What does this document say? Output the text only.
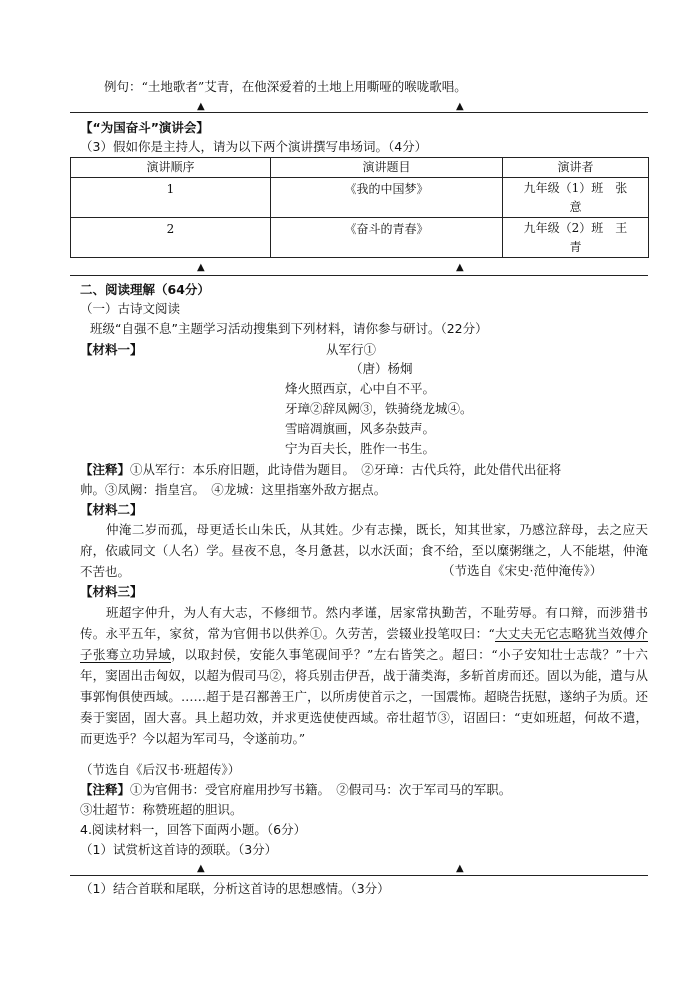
例句：“土地歌者”艾青，在他深爱着的土地上用嘶哑的喉咙歌唱。
▲	▲
【“为国奋斗”演讲会】
（3）假如你是主持人，请为以下两个演讲撰写串场词。（4分）
演讲顺序	演讲题目	演讲者
1	《我的中国梦》	九年级（1）班　张
意
2	《奋斗的青春》	九年级（2）班　王
青
▲	▲
二、阅读理解（64分）
（一）古诗文阅读
班级“自强不息”主题学习活动搜集到下列材料，请你参与研讨。（22分）
【材料一】	从军行①
（唐）杨炯
烽火照西京，心中自不平。
牙璋②辞凤阙③，铁骑绕龙城④。
雪暗凋旗画，风多杂鼓声。
宁为百夫长，胜作一书生。
【注释】①从军行：本乐府旧题，此诗借为题目。　②牙璋：古代兵符，此处借代出征将
帅。③凤阙：指皇宫。　④龙城：这里指塞外敌方据点。
【材料二】
仲淹二岁而孤，母更适长山朱氏，从其姓。少有志操，既长，知其世家，乃感泣辞母，去之应天府，依戚同文（人名）学。昼夜不息，冬月惫甚，以水沃面；食不给，至以糜粥继之，人不能堪，仲淹不苦也。	（节选自《宋史·范仲淹传》）
【材料三】
班超字仲升，为人有大志，不修细节。然内孝谨，居家常执勤苦，不耻劳辱。有口辩，而涉猎书传。永平五年，家贫，常为官佣书以供养①。久劳苦，尝辍业投笔叹曰：“大丈夫无它志略犹当效傅介子张骞立功异域，以取封侯，安能久事笔砚间乎？”左右皆笑之。超曰：“小子安知壮士志哉？”十六年，窦固出击匈奴，以超为假司马②，将兵别击伊吾，战于蒲类海，多斩首虏而还。固以为能，遣与从事郭恂俱使西域。……超于是召鄯善王广，以所虏使首示之，一国震怖。超晓告抚慰，遂纳子为质。还奏于窦固，固大喜。具上超功效，并求更选使使西域。帝壮超节③，诏固曰：“吏如班超，何故不遣，而更选乎？今以超为军司马，令遂前功。”
（节选自《后汉书·班超传》）
【注释】①为官佣书：受官府雇用抄写书籍。　②假司马：次于军司马的军职。
③壮超节：称赞班超的胆识。
4.阅读材料一，回答下面两小题。（6分）
（1）试赏析这首诗的颈联。（3分）
▲	▲
（1）结合首联和尾联，分析这首诗的思想感情。（3分）
